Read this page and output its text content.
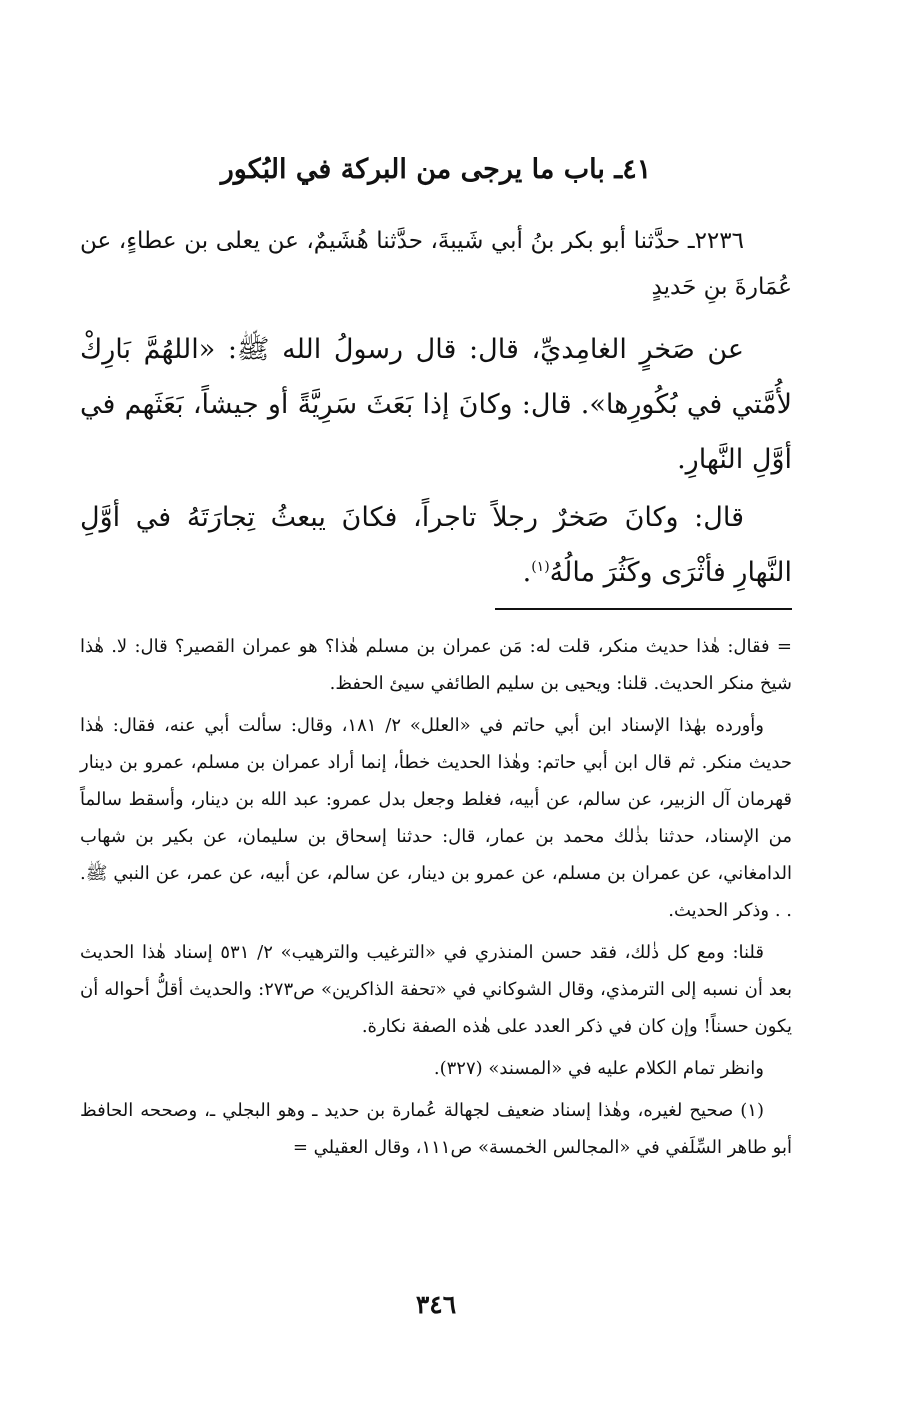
٤١ـ باب ما يرجى من البركة في البُكور

٢٢٣٦ـ حدَّثنا أبو بكر بنُ أبي شَيبةَ، حدَّثنا هُشَيمٌ، عن يعلى بن عطاءٍ، عن عُمَارةَ بنِ حَديدٍ

عن صَخرٍ الغامِديِّ، قال: قال رسولُ الله ﷺ: «اللهُمَّ بَارِكْ لأُمَّتي في بُكُورِها». قال: وكانَ إذا بَعَثَ سَرِيَّةً أو جيشاً، بَعَثَهم في أوَّلِ النَّهارِ.

قال: وكانَ صَخرٌ رجلاً تاجراً، فكانَ يبعثُ تِجارَتَهُ في أوَّلِ النَّهارِ فأثْرَى وكَثُرَ مالُهُ$^{(١)}$.

= فقال: هٰذا حديث منكر، قلت له: مَن عمران بن مسلم هٰذا؟ هو عمران القصير؟ قال: لا. هٰذا شيخ منكر الحديث. قلنا: ويحيى بن سليم الطائفي سيئ الحفظ.

وأورده بهٰذا الإسناد ابن أبي حاتم في «العلل» ٢/ ١٨١، وقال: سألت أبي عنه، فقال: هٰذا حديث منكر. ثم قال ابن أبي حاتم: وهٰذا الحديث خطأ، إنما أراد عمران بن مسلم، عمرو بن دينار قهرمان آل الزبير، عن سالم، عن أبيه، فغلط وجعل بدل عمرو: عبد الله بن دينار، وأسقط سالماً من الإسناد، حدثنا بذٰلك محمد بن عمار، قال: حدثنا إسحاق بن سليمان، عن بكير بن شهاب الدامغاني، عن عمران بن مسلم، عن عمرو بن دينار، عن سالم، عن أبيه، عن عمر، عن النبي ﷺ. . . وذكر الحديث.

قلنا: ومع كل ذٰلك، فقد حسن المنذري في «الترغيب والترهيب» ٢/ ٥٣١ إسناد هٰذا الحديث بعد أن نسبه إلى الترمذي، وقال الشوكاني في «تحفة الذاكرين» ص٢٧٣: والحديث أقلُّ أحواله أن يكون حسناً! وإن كان في ذكر العدد على هٰذه الصفة نكارة.

وانظر تمام الكلام عليه في «المسند» (٣٢٧).

(١) صحيح لغيره، وهٰذا إسناد ضعيف لجهالة عُمارة بن حديد ـ وهو البجلي ـ، وصححه الحافظ أبو طاهر السِّلَفي في «المجالس الخمسة» ص١١١، وقال العقيلي =

٣٤٦
